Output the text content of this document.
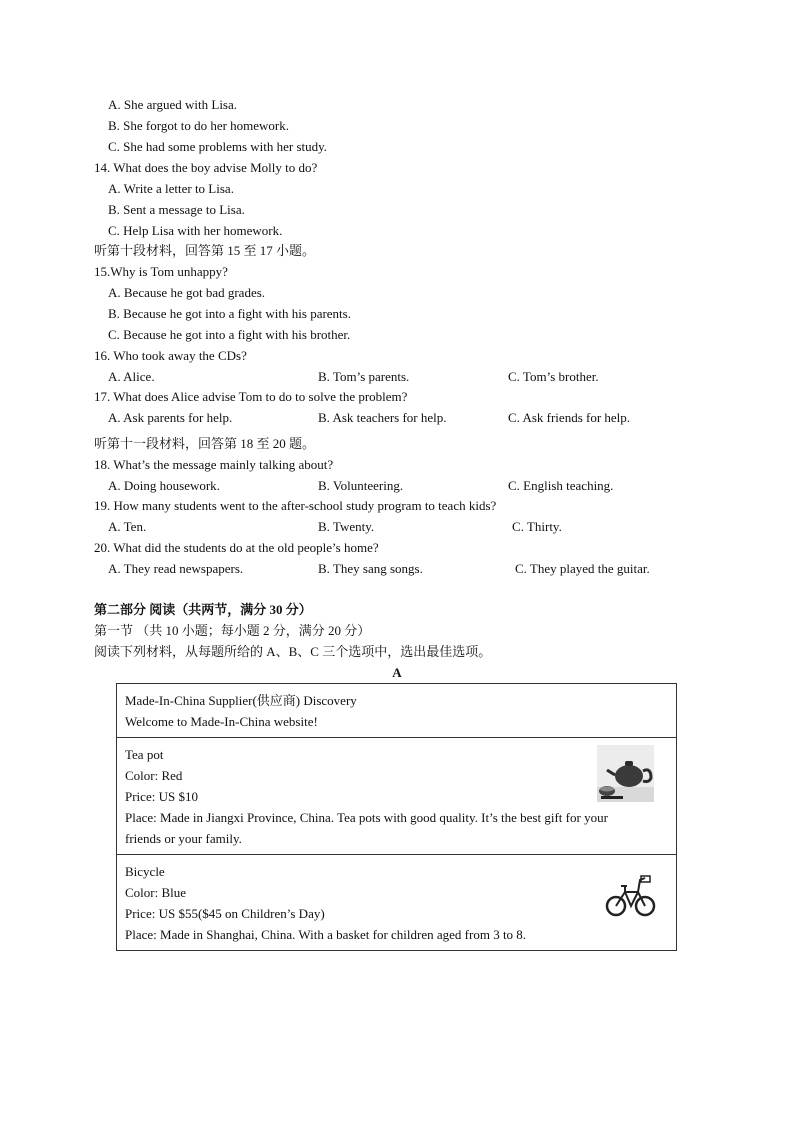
A. She argued with Lisa.
B. She forgot to do her homework.
C. She had some problems with her study.
14. What does the boy advise Molly to do?
A. Write a letter to Lisa.
B. Sent a message to Lisa.
C. Help Lisa with her homework.
听第十段材料，回答第 15 至 17 小题。
15.Why is Tom unhappy?
A. Because he got bad grades.
B. Because he got into a fight with his parents.
C. Because he got into a fight with his brother.
16. Who took away the CDs?
A. Alice.	B. Tom’s parents.	C. Tom’s brother.
17. What does Alice advise Tom to do to solve the problem?
A. Ask parents for help.	B. Ask teachers for help.	C. Ask friends for help.
听第十一段材料，回答第 18 至 20 题。
18. What’s the message mainly talking about?
A. Doing housework.	B. Volunteering.	C. English teaching.
19. How many students went to the after-school study program to teach kids?
A. Ten.	B. Twenty.	C. Thirty.
20. What did the students do at the old people’s home?
A. They read newspapers.	B. They sang songs.	C. They played the guitar.
第二部分 阅读（共两节，满分 30 分）
第一节 （共 10 小题；每小题 2 分，满分 20 分）
阅读下列材料，从每题所给的 A、B、C 三个选项中，选出最佳选项。
A
Made-In-China Supplier(供应商) Discovery
Welcome to Made-In-China website!
Tea pot
Color: Red
Price: US $10
Place: Made in Jiangxi Province, China. Tea pots with good quality. It’s the best gift for your
friends or your family.
Bicycle
Color: Blue
Price: US $55($45 on Children’s Day)
Place: Made in Shanghai, China. With a basket for children aged from 3 to 8.
